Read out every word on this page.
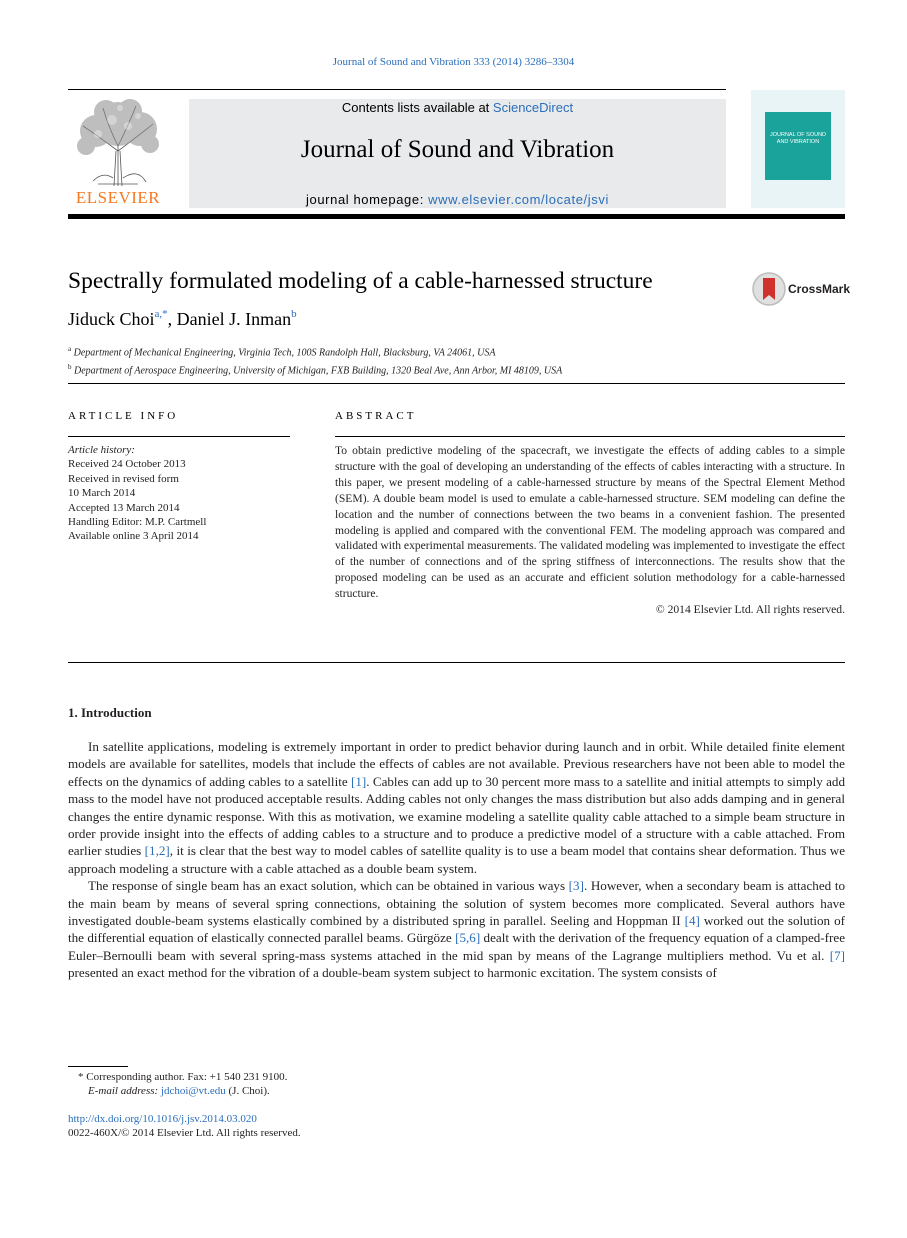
Journal of Sound and Vibration 333 (2014) 3286–3304
ELSEVIER
Contents lists available at ScienceDirect
Journal of Sound and Vibration
journal homepage: www.elsevier.com/locate/jsvi
JOURNAL OF SOUND AND VIBRATION
Spectrally formulated modeling of a cable-harnessed structure	CrossMark
Jiduck Choi$^{a,*}$, Daniel J. Inman$^b$
$^a$ Department of Mechanical Engineering, Virginia Tech, 100S Randolph Hall, Blacksburg, VA 24061, USA
$^b$ Department of Aerospace Engineering, University of Michigan, FXB Building, 1320 Beal Ave, Ann Arbor, MI 48109, USA
ARTICLE INFO
Article history:
Received 24 October 2013
Received in revised form
10 March 2014
Accepted 13 March 2014
Handling Editor: M.P. Cartmell
Available online 3 April 2014
ABSTRACT
To obtain predictive modeling of the spacecraft, we investigate the effects of adding cables to a simple structure with the goal of developing an understanding of the effects of cables interacting with a structure. In this paper, we present modeling of a cable-harnessed structure by means of the Spectral Element Method (SEM). A double beam model is used to emulate a cable-harnessed structure. SEM modeling can define the location and the number of connections between the two beams in a convenient fashion. The presented modeling is applied and compared with the conventional FEM. The modeling approach was compared and validated with experimental measurements. The validated modeling was implemented to investigate the effect of the number of connections and of the spring stiffness of interconnections. The results show that the proposed modeling can be used as an accurate and efficient solution methodology for a cable-harnessed structure.
© 2014 Elsevier Ltd. All rights reserved.
1. Introduction

In satellite applications, modeling is extremely important in order to predict behavior during launch and in orbit. While detailed finite element models are available for satellites, models that include the effects of cables are not available. Previous researchers have not been able to model the effects on the dynamics of adding cables to a satellite [1]. Cables can add up to 30 percent more mass to a satellite and initial attempts to simply add mass to the model have not produced acceptable results. Adding cables not only changes the mass distribution but also adds damping and in general changes the entire dynamic response. With this as motivation, we examine modeling a satellite quality cable attached to a simple beam structure in order provide insight into the effects of adding cables to a structure and to produce a predictive model of a structure with a cable attached. From earlier studies [1,2], it is clear that the best way to model cables of satellite quality is to use a beam model that contains shear deformation. Thus we approach modeling a structure with a cable attached as a double beam system.

The response of single beam has an exact solution, which can be obtained in various ways [3]. However, when a secondary beam is attached to the main beam by means of several spring connections, obtaining the solution of system becomes more complicated. Several authors have investigated double-beam systems elastically combined by a distributed spring in parallel. Seeling and Hoppman II [4] worked out the solution of the differential equation of elastically connected parallel beams. Gürgöze [5,6] dealt with the derivation of the frequency equation of a clamped-free Euler–Bernoulli beam with several spring-mass systems attached in the mid span by means of the Lagrange multipliers method. Vu et al. [7] presented an exact method for the vibration of a double-beam system subject to harmonic excitation. The system consists of

* Corresponding author. Fax: +1 540 231 9100.
E-mail address: jdchoi@vt.edu (J. Choi).
http://dx.doi.org/10.1016/j.jsv.2014.03.020
0022-460X/© 2014 Elsevier Ltd. All rights reserved.
